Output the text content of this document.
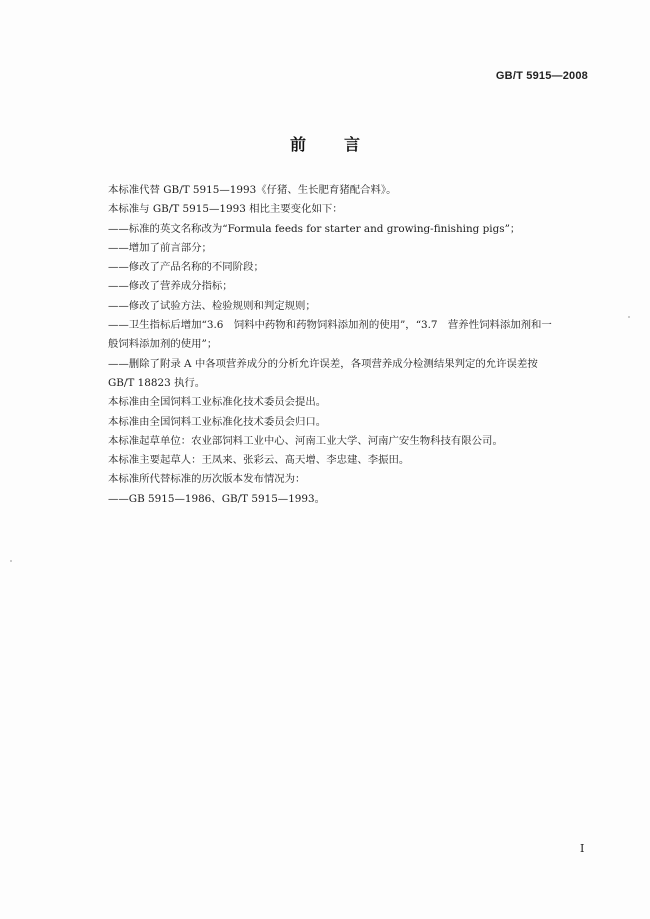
GB/T 5915—2008
前 言
本标准代替 GB/T 5915—1993《仔猪、生长肥育猪配合料》。
本标准与 GB/T 5915—1993 相比主要变化如下：
——标准的英文名称改为“Formula feeds for starter and growing-finishing pigs”；
——增加了前言部分；
——修改了产品名称的不同阶段；
——修改了营养成分指标；
——修改了试验方法、检验规则和判定规则；
——卫生指标后增加“3.6　饲料中药物和药物饲料添加剂的使用”，“3.7　营养性饲料添加剂和一
般饲料添加剂的使用”；
——删除了附录 A 中各项营养成分的分析允许误差，各项营养成分检测结果判定的允许误差按
GB/T 18823 执行。
本标准由全国饲料工业标准化技术委员会提出。
本标准由全国饲料工业标准化技术委员会归口。
本标准起草单位：农业部饲料工业中心、河南工业大学、河南广安生物科技有限公司。
本标准主要起草人：王凤来、张彩云、髙天增、李忠建、李振田。
本标准所代替标准的历次版本发布情况为：
——GB 5915—1986、GB/T 5915—1993。
I
